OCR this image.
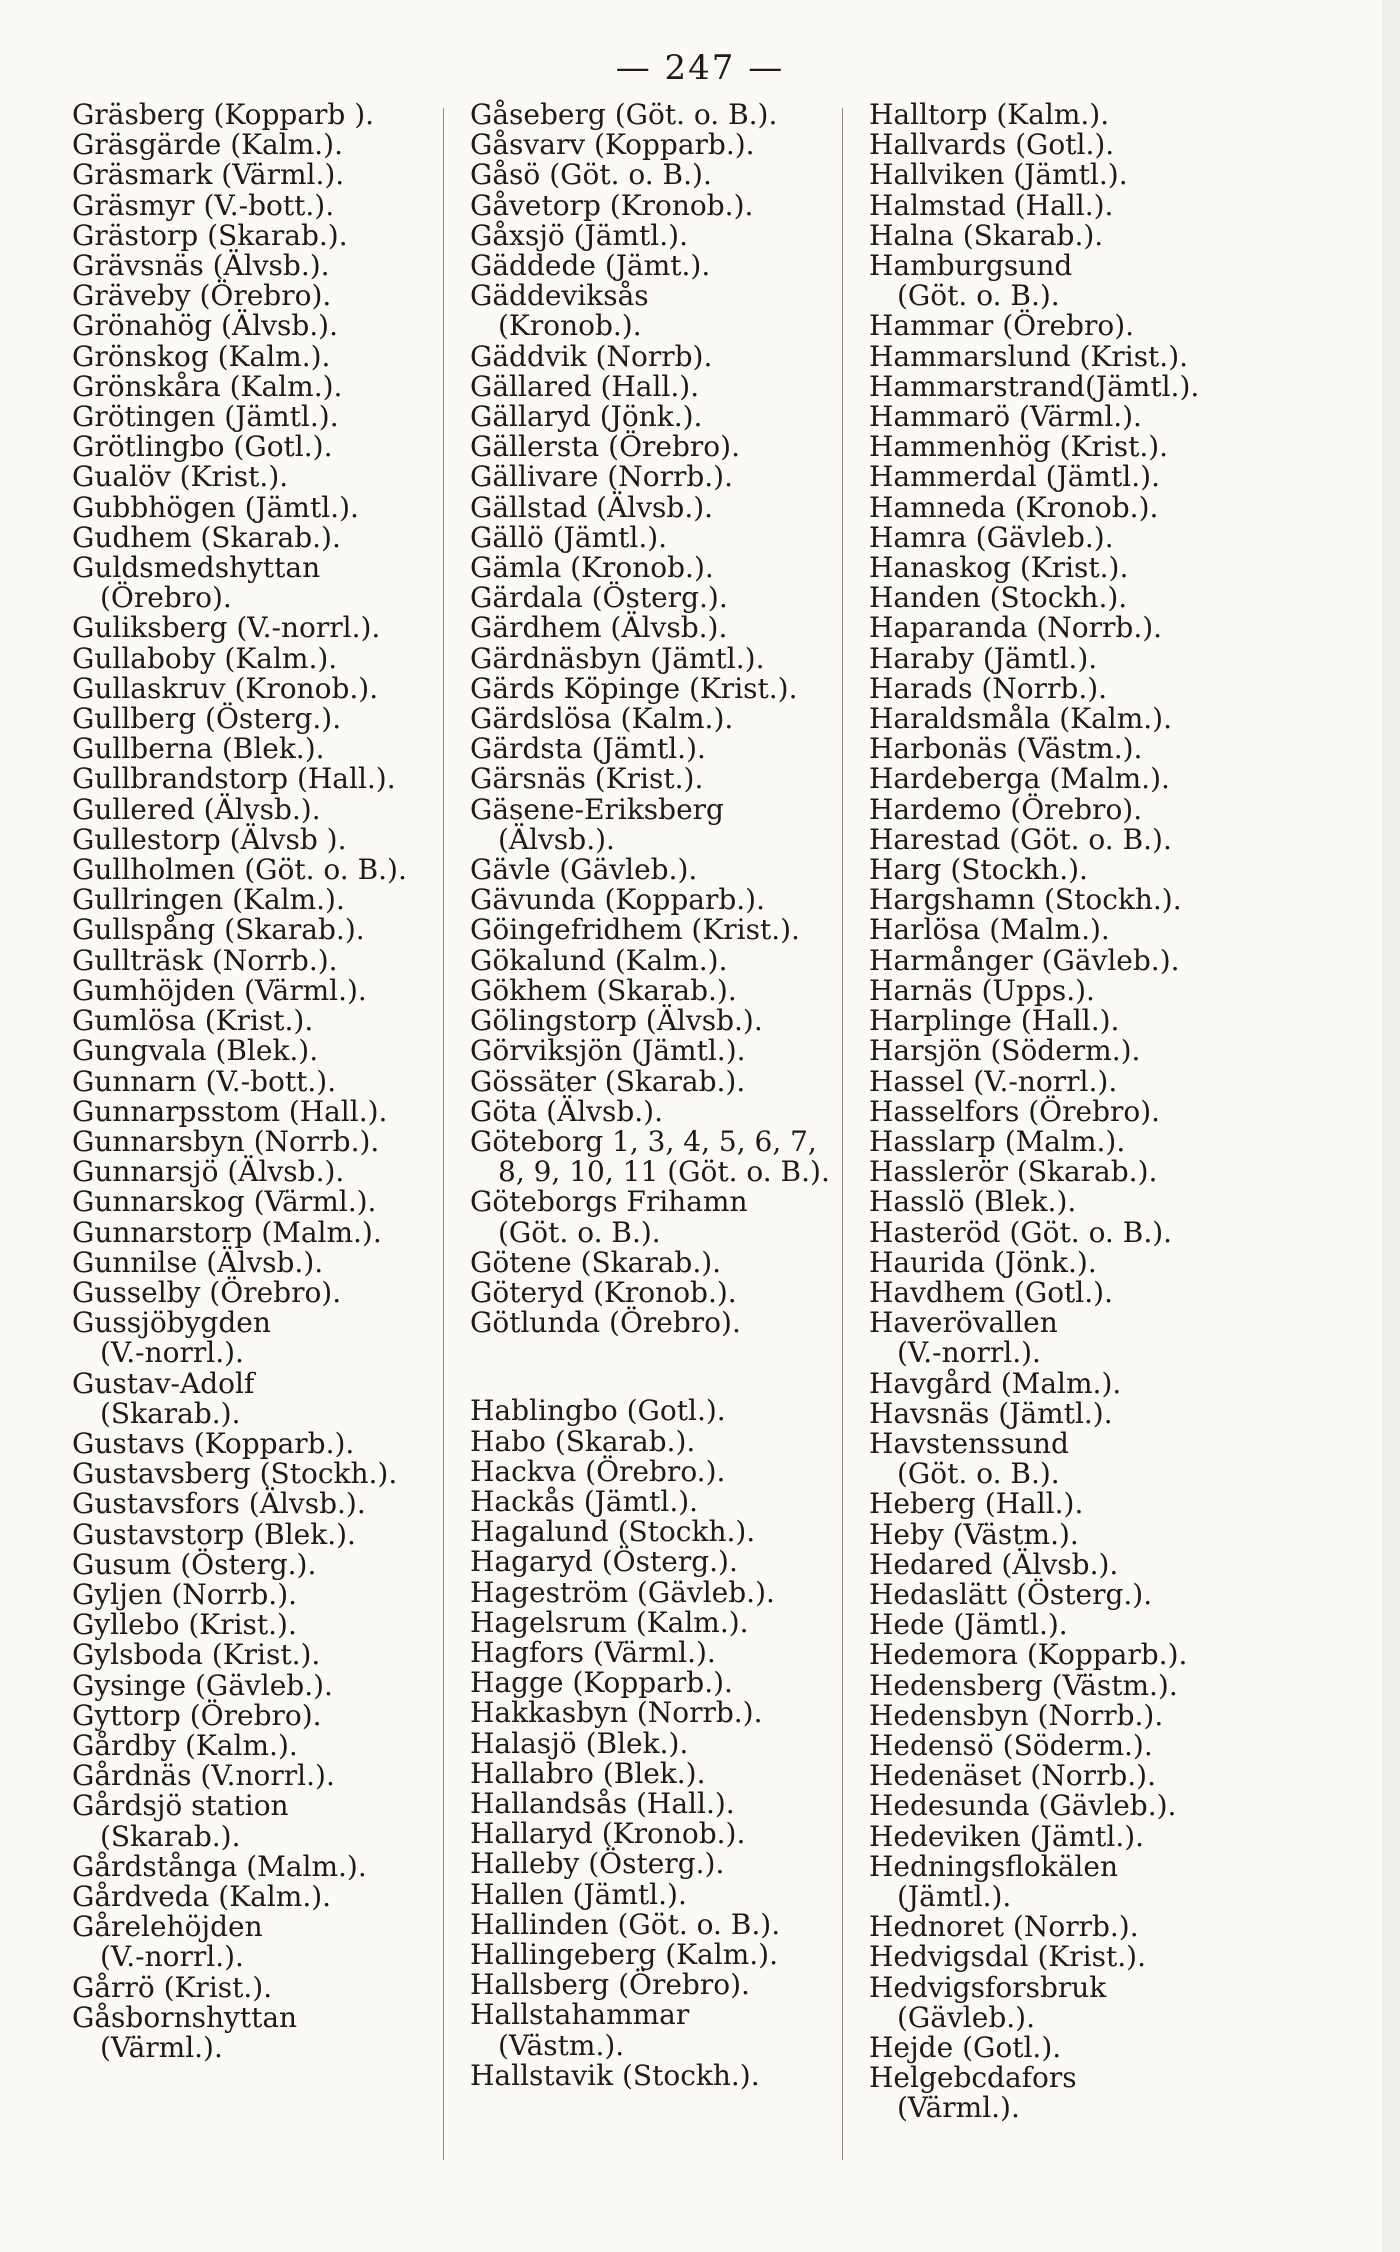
— 247 —
Gräsberg (Kopparb ).
Gräsgärde (Kalm.).
Gräsmark (Värml.).
Gräsmyr (V.-bott.).
Grästorp (Skarab.).
Grävsnäs (Älvsb.).
Gräveby (Örebro).
Grönahög (Älvsb.).
Grönskog (Kalm.).
Grönskåra (Kalm.).
Grötingen (Jämtl.).
Grötlingbo (Gotl.).
Gualöv (Krist.).
Gubbhögen (Jämtl.).
Gudhem (Skarab.).
Guldsmedshyttan
(Örebro).
Guliksberg (V.-norrl.).
Gullaboby (Kalm.).
Gullaskruv (Kronob.).
Gullberg (Österg.).
Gullberna (Blek.).
Gullbrandstorp (Hall.).
Gullered (Älvsb.).
Gullestorp (Älvsb ).
Gullholmen (Göt. o. B.).
Gullringen (Kalm.).
Gullspång (Skarab.).
Gullträsk (Norrb.).
Gumhöjden (Värml.).
Gumlösa (Krist.).
Gungvala (Blek.).
Gunnarn (V.-bott.).
Gunnarpsstom (Hall.).
Gunnarsbyn (Norrb.).
Gunnarsjö (Älvsb.).
Gunnarskog (Värml.).
Gunnarstorp (Malm.).
Gunnilse (Älvsb.).
Gusselby (Örebro).
Gussjöbygden
(V.-norrl.).
Gustav-Adolf
(Skarab.).
Gustavs (Kopparb.).
Gustavsberg (Stockh.).
Gustavsfors (Älvsb.).
Gustavstorp (Blek.).
Gusum (Österg.).
Gyljen (Norrb.).
Gyllebo (Krist.).
Gylsboda (Krist.).
Gysinge (Gävleb.).
Gyttorp (Örebro).
Gårdby (Kalm.).
Gårdnäs (V.norrl.).
Gårdsjö station
(Skarab.).
Gårdstånga (Malm.).
Gårdveda (Kalm.).
Gårelehöjden
(V.-norrl.).
Gårrö (Krist.).
Gåsbornshyttan
(Värml.).
Gåseberg (Göt. o. B.).
Gåsvarv (Kopparb.).
Gåsö (Göt. o. B.).
Gåvetorp (Kronob.).
Gåxsjö (Jämtl.).
Gäddede (Jämt.).
Gäddeviksås
(Kronob.).
Gäddvik (Norrb).
Gällared (Hall.).
Gällaryd (Jönk.).
Gällersta (Örebro).
Gällivare (Norrb.).
Gällstad (Älvsb.).
Gällö (Jämtl.).
Gämla (Kronob.).
Gärdala (Österg.).
Gärdhem (Älvsb.).
Gärdnäsbyn (Jämtl.).
Gärds Köpinge (Krist.).
Gärdslösa (Kalm.).
Gärdsta (Jämtl.).
Gärsnäs (Krist.).
Gäsene-Eriksberg
(Älvsb.).
Gävle (Gävleb.).
Gävunda (Kopparb.).
Göingefridhem (Krist.).
Gökalund (Kalm.).
Gökhem (Skarab.).
Gölingstorp (Älvsb.).
Görviksjön (Jämtl.).
Gössäter (Skarab.).
Göta (Älvsb.).
Göteborg 1, 3, 4, 5, 6, 7,
8, 9, 10, 11 (Göt. o. B.).
Göteborgs Frihamn
(Göt. o. B.).
Götene (Skarab.).
Göteryd (Kronob.).
Götlunda (Örebro).
Hablingbo (Gotl.).
Habo (Skarab.).
Hackva (Örebro.).
Hackås (Jämtl.).
Hagalund (Stockh.).
Hagaryd (Österg.).
Hageström (Gävleb.).
Hagelsrum (Kalm.).
Hagfors (Värml.).
Hagge (Kopparb.).
Hakkasbyn (Norrb.).
Halasjö (Blek.).
Hallabro (Blek.).
Hallandsås (Hall.).
Hallaryd (Kronob.).
Halleby (Österg.).
Hallen (Jämtl.).
Hallinden (Göt. o. B.).
Hallingeberg (Kalm.).
Hallsberg (Örebro).
Hallstahammar
(Västm.).
Hallstavik (Stockh.).
Halltorp (Kalm.).
Hallvards (Gotl.).
Hallviken (Jämtl.).
Halmstad (Hall.).
Halna (Skarab.).
Hamburgsund
(Göt. o. B.).
Hammar (Örebro).
Hammarslund (Krist.).
Hammarstrand(Jämtl.).
Hammarö (Värml.).
Hammenhög (Krist.).
Hammerdal (Jämtl.).
Hamneda (Kronob.).
Hamra (Gävleb.).
Hanaskog (Krist.).
Handen (Stockh.).
Haparanda (Norrb.).
Haraby (Jämtl.).
Harads (Norrb.).
Haraldsmåla (Kalm.).
Harbonäs (Västm.).
Hardeberga (Malm.).
Hardemo (Örebro).
Harestad (Göt. o. B.).
Harg (Stockh.).
Hargshamn (Stockh.).
Harlösa (Malm.).
Harmånger (Gävleb.).
Harnäs (Upps.).
Harplinge (Hall.).
Harsjön (Söderm.).
Hassel (V.-norrl.).
Hasselfors (Örebro).
Hasslarp (Malm.).
Hasslerör (Skarab.).
Hasslö (Blek.).
Hasteröd (Göt. o. B.).
Haurida (Jönk.).
Havdhem (Gotl.).
Haverövallen
(V.-norrl.).
Havgård (Malm.).
Havsnäs (Jämtl.).
Havstenssund
(Göt. o. B.).
Heberg (Hall.).
Heby (Västm.).
Hedared (Älvsb.).
Hedaslätt (Österg.).
Hede (Jämtl.).
Hedemora (Kopparb.).
Hedensberg (Västm.).
Hedensbyn (Norrb.).
Hedensö (Söderm.).
Hedenäset (Norrb.).
Hedesunda (Gävleb.).
Hedeviken (Jämtl.).
Hedningsflokälen
(Jämtl.).
Hednoret (Norrb.).
Hedvigsdal (Krist.).
Hedvigsforsbruk
(Gävleb.).
Hejde (Gotl.).
Helgebcdafors
(Värml.).
